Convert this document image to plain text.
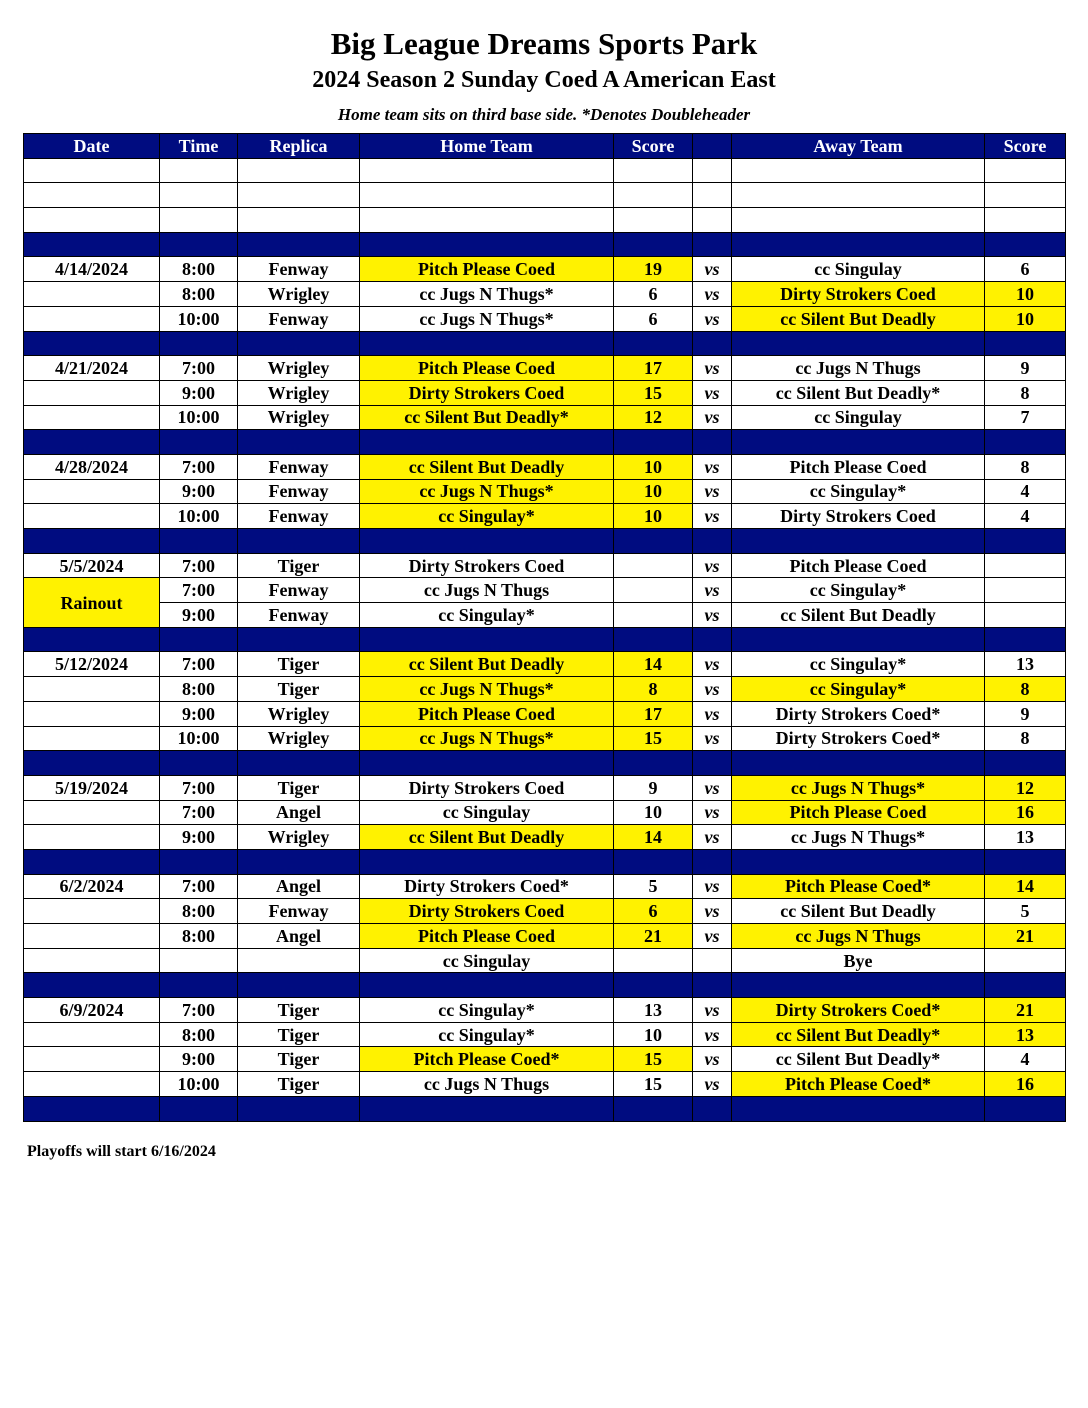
Big League Dreams Sports Park
2024 Season 2 Sunday Coed A American East
Home team sits on third base side. *Denotes Doubleheader
Date	Time	Replica	Home Team	Score		Away Team	Score

4/14/2024	8:00	Fenway	Pitch Please Coed	19	vs	cc Singulay	6
	8:00	Wrigley	cc Jugs N Thugs*	6	vs	Dirty Strokers Coed	10
	10:00	Fenway	cc Jugs N Thugs*	6	vs	cc Silent But Deadly	10

4/21/2024	7:00	Wrigley	Pitch Please Coed	17	vs	cc Jugs N Thugs	9
	9:00	Wrigley	Dirty Strokers Coed	15	vs	cc Silent But Deadly*	8
	10:00	Wrigley	cc Silent But Deadly*	12	vs	cc Singulay	7

4/28/2024	7:00	Fenway	cc Silent But Deadly	10	vs	Pitch Please Coed	8
	9:00	Fenway	cc Jugs N Thugs*	10	vs	cc Singulay*	4
	10:00	Fenway	cc Singulay*	10	vs	Dirty Strokers Coed	4

5/5/2024	7:00	Tiger	Dirty Strokers Coed		vs	Pitch Please Coed	
Rainout	7:00	Fenway	cc Jugs N Thugs		vs	cc Singulay*	
	9:00	Fenway	cc Singulay*		vs	cc Silent But Deadly	

5/12/2024	7:00	Tiger	cc Silent But Deadly	14	vs	cc Singulay*	13
	8:00	Tiger	cc Jugs N Thugs*	8	vs	cc Singulay*	8
	9:00	Wrigley	Pitch Please Coed	17	vs	Dirty Strokers Coed*	9
	10:00	Wrigley	cc Jugs N Thugs*	15	vs	Dirty Strokers Coed*	8

5/19/2024	7:00	Tiger	Dirty Strokers Coed	9	vs	cc Jugs N Thugs*	12
	7:00	Angel	cc Singulay	10	vs	Pitch Please Coed	16
	9:00	Wrigley	cc Silent But Deadly	14	vs	cc Jugs N Thugs*	13

6/2/2024	7:00	Angel	Dirty Strokers Coed*	5	vs	Pitch Please Coed*	14
	8:00	Fenway	Dirty Strokers Coed	6	vs	cc Silent But Deadly	5
	8:00	Angel	Pitch Please Coed	21	vs	cc Jugs N Thugs	21
			cc Singulay			Bye	

6/9/2024	7:00	Tiger	cc Singulay*	13	vs	Dirty Strokers Coed*	21
	8:00	Tiger	cc Singulay*	10	vs	cc Silent But Deadly*	13
	9:00	Tiger	Pitch Please Coed*	15	vs	cc Silent But Deadly*	4
	10:00	Tiger	cc Jugs N Thugs	15	vs	Pitch Please Coed*	16

Playoffs will start 6/16/2024
